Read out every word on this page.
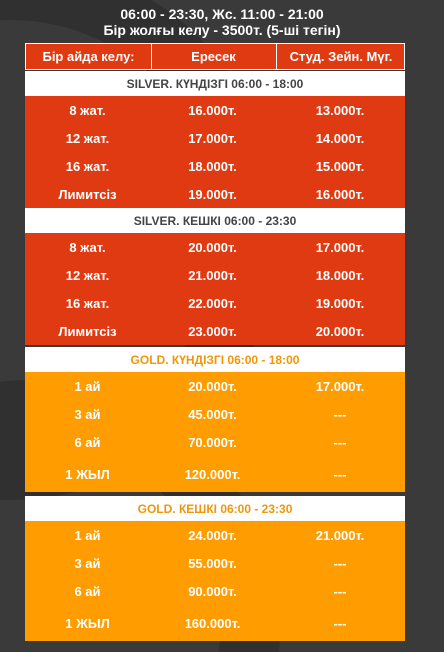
06:00 - 23:30, Жс. 11:00 - 21:00
Бір жолғы келу - 3500т. (5-ші тегін)
Бір айда келу:	Ересек	Студ. Зейн. Мүг.
SILVER. КҮНДІЗГІ 06:00 - 18:00
8 жат.	16.000т.	13.000т.
12 жат.	17.000т.	14.000т.
16 жат.	18.000т.	15.000т.
Лимитсіз	19.000т.	16.000т.
SILVER. КЕШКІ 06:00 - 23:30
8 жат.	20.000т.	17.000т.
12 жат.	21.000т.	18.000т.
16 жат.	22.000т.	19.000т.
Лимитсіз	23.000т.	20.000т.
GOLD. КҮНДІЗГІ 06:00 - 18:00
1 ай	20.000т.	17.000т.
3 ай	45.000т.	---
6 ай	70.000т.	---
1 ЖЫЛ	120.000т.	---
GOLD. КЕШКІ 06:00 - 23:30
1 ай	24.000т.	21.000т.
3 ай	55.000т.	---
6 ай	90.000т.	---
1 ЖЫЛ	160.000т.	---
